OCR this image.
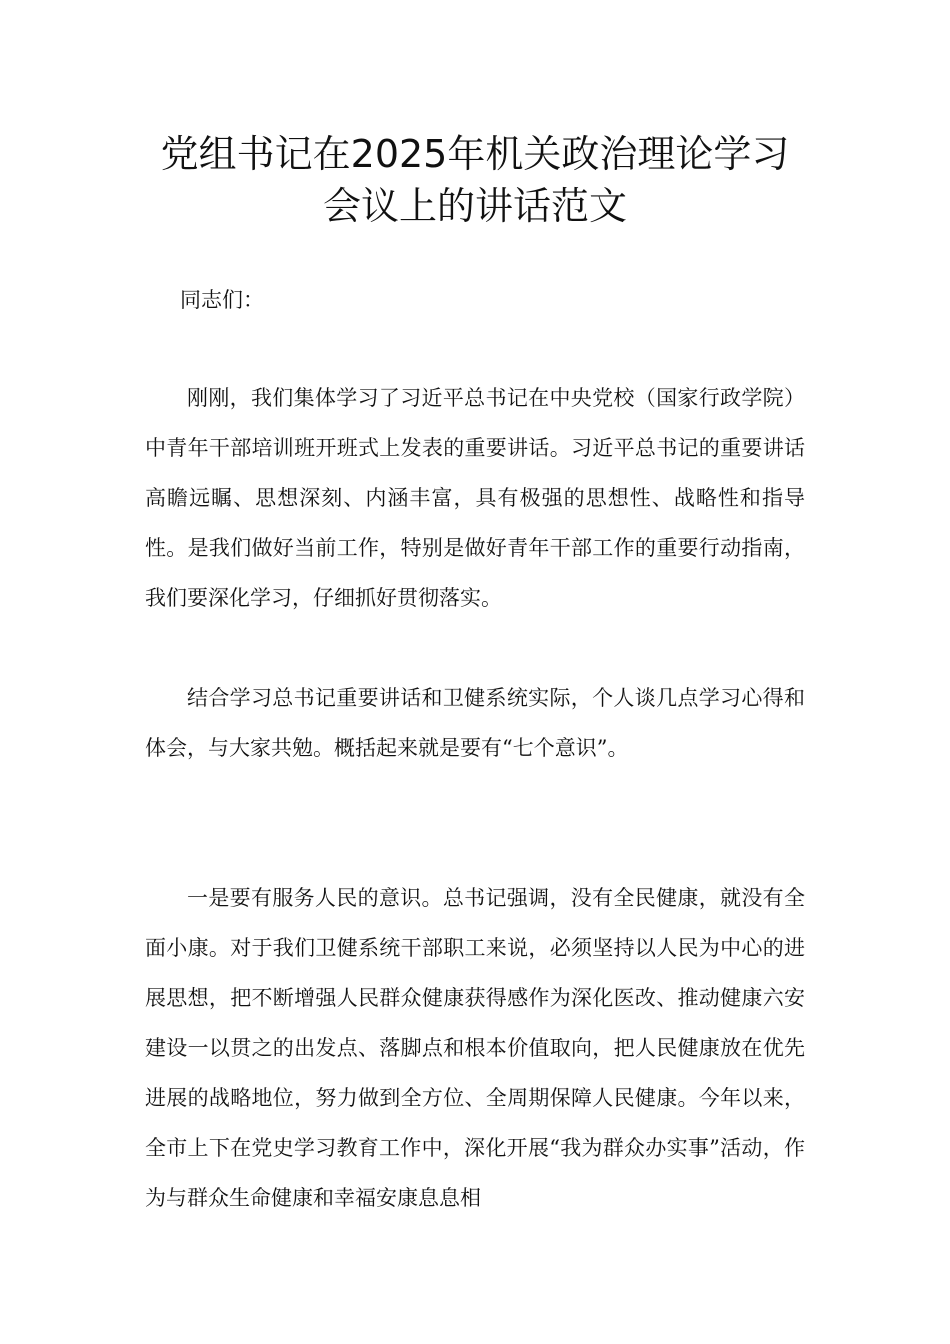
党组书记在2025年机关政治理论学习
会议上的讲话范文

同志们：

刚刚，我们集体学习了习近平总书记在中央党校（国家行政学院）中青年干部培训班开班式上发表的重要讲话。习近平总书记的重要讲话高瞻远瞩、思想深刻、内涵丰富，具有极强的思想性、战略性和指导性。是我们做好当前工作，特别是做好青年干部工作的重要行动指南，我们要深化学习，仔细抓好贯彻落实。

结合学习总书记重要讲话和卫健系统实际，个人谈几点学习心得和体会，与大家共勉。概括起来就是要有“七个意识”。

一是要有服务人民的意识。总书记强调，没有全民健康，就没有全面小康。对于我们卫健系统干部职工来说，必须坚持以人民为中心的进展思想，把不断增强人民群众健康获得感作为深化医改、推动健康六安建设一以贯之的出发点、落脚点和根本价值取向，把人民健康放在优先进展的战略地位，努力做到全方位、全周期保障人民健康。今年以来，全市上下在党史学习教育工作中，深化开展“我为群众办实事”活动，作为与群众生命健康和幸福安康息息相
